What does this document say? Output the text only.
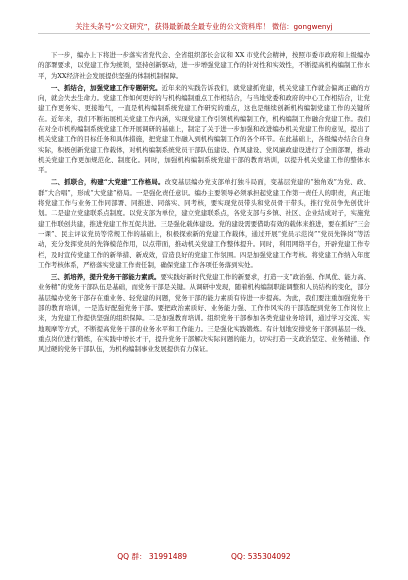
关注头条号“公文研究”，获得最新最全最专业的公文资料库！ 微信：gongwenyj

下一步，编办上下将进一步落实省党代会、全省组织部长会议和 XX 市党代会精神，按照市委市政府和上级编办的部署要求，以党建工作为统领，坚持创新驱动，进一步增强党建工作的针对性和实效性，不断提高机构编制工作水平，为XX经济社会发展提供坚强的体制机制保障。

一、抓结合，加强党建工作专题研究。近年来的实践告诉我们，就党建抓党建，机关党建工作就会偏离正确的方向，就会失去生命力。党建工作如何更好的与机构编制重点工作相结合，与当地党委和政府的中心工作相结合，让党建工作更务实、更接地气，一直是机构编制系统党建工作研究的重点，这也是继续创新机构编制党建工作的关键所在。近年来，我们不断拓展机关党建工作内涵，实现党建工作引领机构编制工作，机构编制工作融合党建工作。我们在对全市机构编制系统党建工作开展调研的基础上，制定了关于进一步加强和改进编办机关党建工作的意见，提出了机关党建工作的目标任务和具体措施，把党建工作融入到机构编制工作的各个环节。在此基础上，各级编办结合自身实际，积极创新党建工作载体，对机构编制系统党员干部队伍建设、作风建设、党风廉政建设进行了全面部署，推动机关党建工作更加规范化、制度化。同时，加强机构编制系统党建干部的教育培训，以提升机关党建工作的整体水平。

二、抓联合，构建“大党建”工作格局。改变基层编办党支部单打独斗局面，变基层党建的“独角戏”为党、政、群“大合唱”，形成“大党建”格局。一是强化责任意识。编办主要领导必须承担起党建工作第一责任人的职责，真正地将党建工作与业务工作同部署、同推进、同落实、同考核，要实现党员带头和党员骨干带头，推行党员争先创优计划。二是建立党建联系点制度。以党支部为单位，建立党建联系点，各党支部与乡镇、社区、企业结成对子，实施党建工作联创共建，推进党建工作互促共进。三是强化载体建设。党的建设需要借助有效的载体来推进，要在抓好“三会一课”、民主评议党员等常规工作的基础上，积极探索新的党建工作载体，通过开展“党员示范岗”“党员先锋岗”等活动，充分发挥党员的先锋模范作用，以点带面，推动机关党建工作整体提升。同时，利用网络平台，开辟党建工作专栏，及时宣传党建工作的新举措、新成效，营造良好的党建工作氛围。四是加强党建工作考核。将党建工作纳入年度工作考核体系，严格落实党建工作责任制，确保党建工作各项任务落到实处。

三、抓培养，提升党务干部能力素质。要实践好新时代党建工作的新要求，打造一支“政治强、作风优、能力高、业务精”的党务干部队伍是基础，而党务干部是关键。从调研中发现，随着机构编制职能调整和人员结构的变化，部分基层编办党务干部存在重业务、轻党建的问题，党务干部的能力素质有待进一步提高。为此，我们要注重加强党务干部的教育培训，一是选好配强党务干部。要把政治素质好、业务能力强、工作作风实的干部选配到党务工作岗位上来，为党建工作提供坚强的组织保障。二是加强教育培训。组织党务干部参加各类党建业务培训，通过学习交流、实地观摩等方式，不断提高党务干部的业务水平和工作能力。三是强化实践锻炼。有计划地安排党务干部到基层一线、重点岗位进行锻炼，在实践中增长才干，提升党务干部解决实际问题的能力，切实打造一支政治坚定、业务精通、作风过硬的党务干部队伍，为机构编制事业发展提供有力保证。

QQ 群： 31991489	QQ: 535304092
